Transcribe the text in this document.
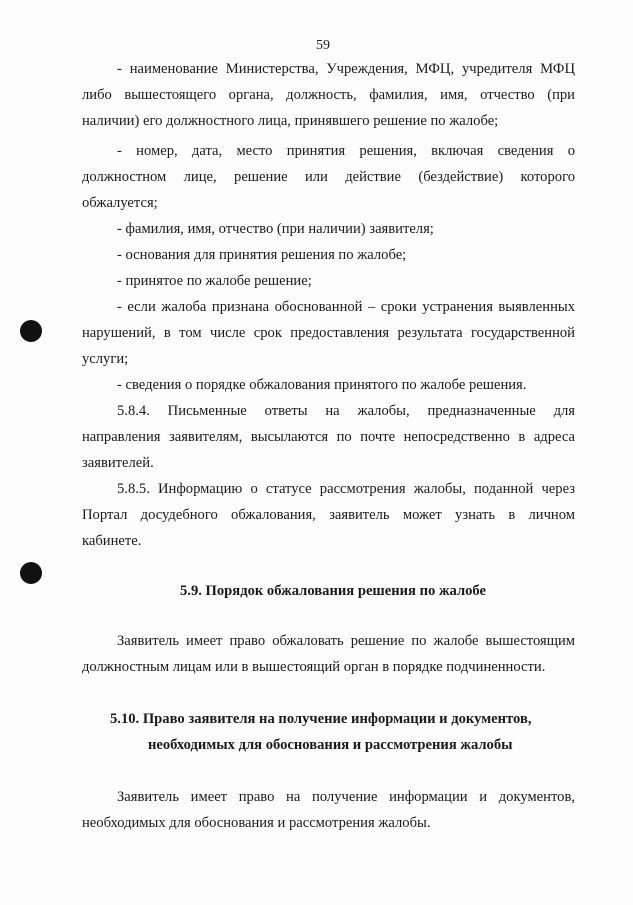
59
- наименование Министерства, Учреждения, МФЦ, учредителя МФЦ
либо вышестоящего органа, должность, фамилия, имя, отчество (при
наличии) его должностного лица, принявшего решение по жалобе;
- номер, дата, место принятия решения, включая сведения о
должностном лице, решение или действие (бездействие) которого
обжалуется;
- фамилия, имя, отчество (при наличии) заявителя;
- основания для принятия решения по жалобе;
- принятое по жалобе решение;
- если жалоба признана обоснованной – сроки устранения выявленных
нарушений, в том числе срок предоставления результата государственной
услуги;
- сведения о порядке обжалования принятого по жалобе решения.
5.8.4. Письменные ответы на жалобы, предназначенные для
направления заявителям, высылаются по почте непосредственно в адреса
заявителей.
5.8.5. Информацию о статусе рассмотрения жалобы, поданной через
Портал досудебного обжалования, заявитель может узнать в личном
кабинете.
5.9. Порядок обжалования решения по жалобе
Заявитель имеет право обжаловать решение по жалобе вышестоящим
должностным лицам или в вышестоящий орган в порядке подчиненности.
5.10. Право заявителя на получение информации и документов,
необходимых для обоснования и рассмотрения жалобы
Заявитель имеет право на получение информации и документов,
необходимых для обоснования и рассмотрения жалобы.
